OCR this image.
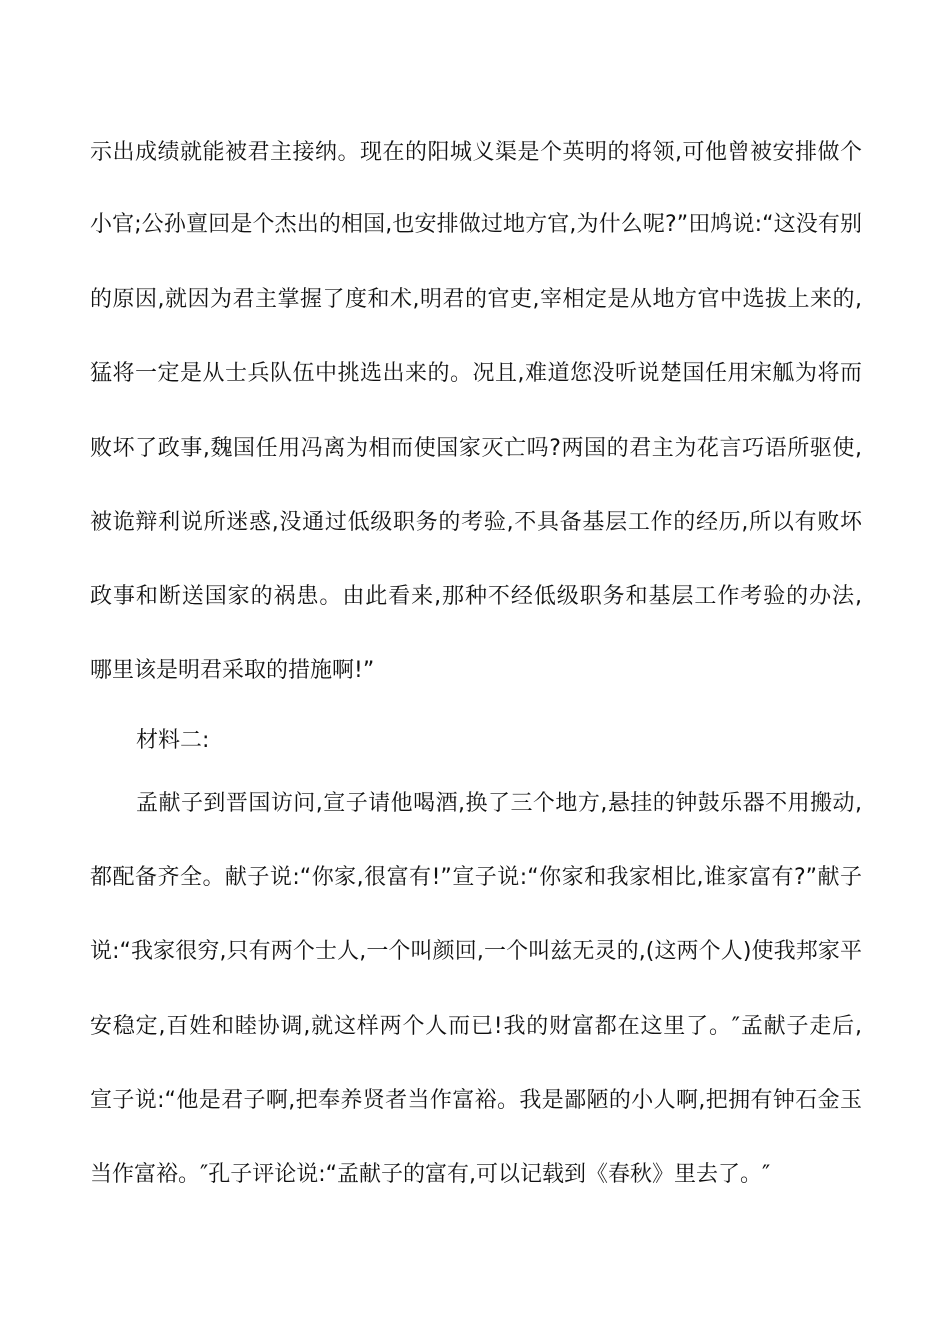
示出成绩就能被君主接纳。现在的阳城义渠是个英明的将领,可他曾被安排做个
小官;公孙亶回是个杰出的相国,也安排做过地方官,为什么呢?”田鸠说:“这没有别
的原因,就因为君主掌握了度和术,明君的官吏,宰相定是从地方官中选拔上来的,
猛将一定是从士兵队伍中挑选出来的。况且,难道您没听说楚国任用宋觚为将而
败坏了政事,魏国任用冯离为相而使国家灭亡吗?两国的君主为花言巧语所驱使,
被诡辩利说所迷惑,没通过低级职务的考验,不具备基层工作的经历,所以有败坏
政事和断送国家的祸患。由此看来,那种不经低级职务和基层工作考验的办法,
哪里该是明君采取的措施啊!”
材料二:
孟献子到晋国访问,宣子请他喝酒,换了三个地方,悬挂的钟鼓乐器不用搬动,
都配备齐全。献子说:“你家,很富有!”宣子说:“你家和我家相比,谁家富有?”献子
说:“我家很穷,只有两个士人,一个叫颜回,一个叫兹无灵的,(这两个人)使我邦家平
安稳定,百姓和睦协调,就这样两个人而已!我的财富都在这里了。″孟献子走后,
宣子说:“他是君子啊,把奉养贤者当作富裕。我是鄙陋的小人啊,把拥有钟石金玉
当作富裕。″孔子评论说:“孟献子的富有,可以记载到《春秋》里去了。″
